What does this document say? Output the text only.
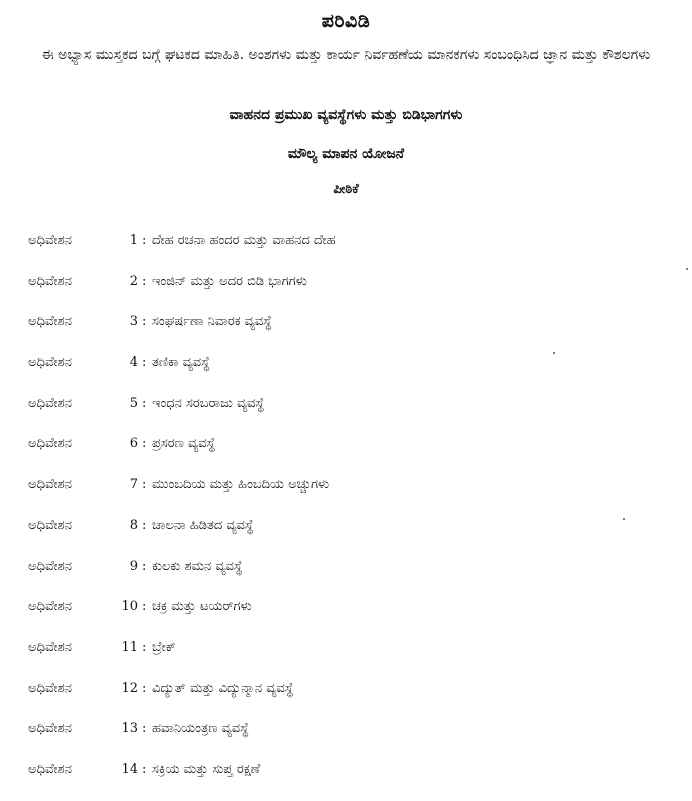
ಪರಿವಿಡಿ
ಈ ಅಭ್ಯಾಸ ಮುಸ್ತಕದ ಬಗ್ಗೆ ಘಟಕದ ಮಾಹಿತಿ. ಅಂಶಗಳು ಮತ್ತು ಕಾರ್ಯ ನಿರ್ವಹಣೆಯ ಮಾನಕಗಳು ಸಂಬಂಧಿಸಿದ ಜ್ಞಾನ ಮತ್ತು ಕೌಶಲಗಳು
ವಾಹನದ ಪ್ರಮುಖ ವ್ಯವಸ್ಥೆಗಳು ಮತ್ತು ಬಿಡಿಭಾಗಗಳು
ಮೌಲ್ಯ ಮಾಪನ ಯೋಜನೆ
ಪೀಠಿಕೆ
ಅಧಿವೇಶನ	1 : ದೇಹ ರಚನಾ ಹಂದರ ಮತ್ತು ವಾಹನದ ದೇಹ
ಅಧಿವೇಶನ	2 : ಇಂಜಿನ್ ಮತ್ತು ಅದರ ಬಿಡಿ ಭಾಗಗಳು
ಅಧಿವೇಶನ	3 : ಸಂಘರ್ಷಣಾ ನಿವಾರಕ ವ್ಯವಸ್ಥೆ
ಅಧಿವೇಶನ	4 : ತಣಿಕಾ ವ್ಯವಸ್ಥೆ
ಅಧಿವೇಶನ	5 : ಇಂಧನ ಸರಬರಾಜು ವ್ಯವಸ್ಥೆ
ಅಧಿವೇಶನ	6 : ಪ್ರಸರಣ ವ್ಯವಸ್ಥೆ
ಅಧಿವೇಶನ	7 : ಮುಂಬದಿಯ ಮತ್ತು ಹಿಂಬದಿಯ ಅಚ್ಚುಗಳು
ಅಧಿವೇಶನ	8 : ಚಾಲನಾ ಹಿಡಿತದ ವ್ಯವಸ್ಥೆ
ಅಧಿವೇಶನ	9 : ಕುಲಕು ಶಮನ ವ್ಯವಸ್ಥೆ
ಅಧಿವೇಶನ	10 : ಚಕ್ರ ಮತ್ತು ಟಯರ್‌ಗಳು
ಅಧಿವೇಶನ	11 : ಬ್ರೇಕ್
ಅಧಿವೇಶನ	12 : ವಿದ್ಯುತ್ ಮತ್ತು ವಿದ್ಯುನ್ಮಾನ ವ್ಯವಸ್ಥೆ
ಅಧಿವೇಶನ	13 : ಹವಾನಿಯಂತ್ರಣ ವ್ಯವಸ್ಥೆ
ಅಧಿವೇಶನ	14 : ಸಕ್ರಿಯ ಮತ್ತು ಸುಪ್ತ ರಕ್ಷಣೆ
